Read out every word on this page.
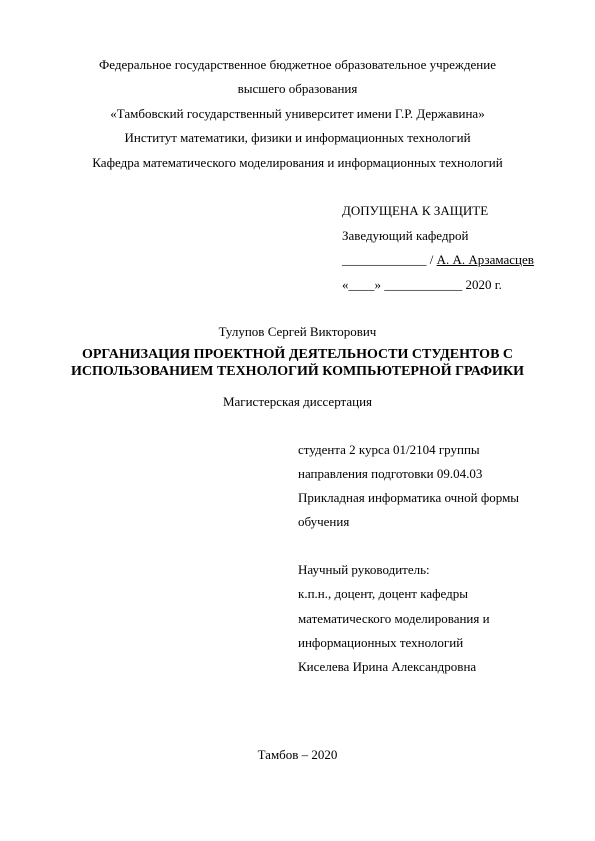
Федеральное государственное бюджетное образовательное учреждение
высшего образования
«Тамбовский государственный университет имени Г.Р. Державина»
Институт математики, физики и информационных технологий
Кафедра математического моделирования и информационных технологий
ДОПУЩЕНА К ЗАЩИТЕ
Заведующий кафедрой
_____________ / А. А. Арзамасцев
«____» ____________ 2020 г.
Тулупов Сергей Викторович
ОРГАНИЗАЦИЯ ПРОЕКТНОЙ ДЕЯТЕЛЬНОСТИ СТУДЕНТОВ С
ИСПОЛЬЗОВАНИЕМ ТЕХНОЛОГИЙ КОМПЬЮТЕРНОЙ ГРАФИКИ
Магистерская диссертация
студента 2 курса 01/2104 группы
направления подготовки 09.04.03
Прикладная информатика очной формы
обучения
Научный руководитель:
к.п.н., доцент, доцент кафедры
математического моделирования и
информационных технологий
Киселева Ирина Александровна
Тамбов – 2020
